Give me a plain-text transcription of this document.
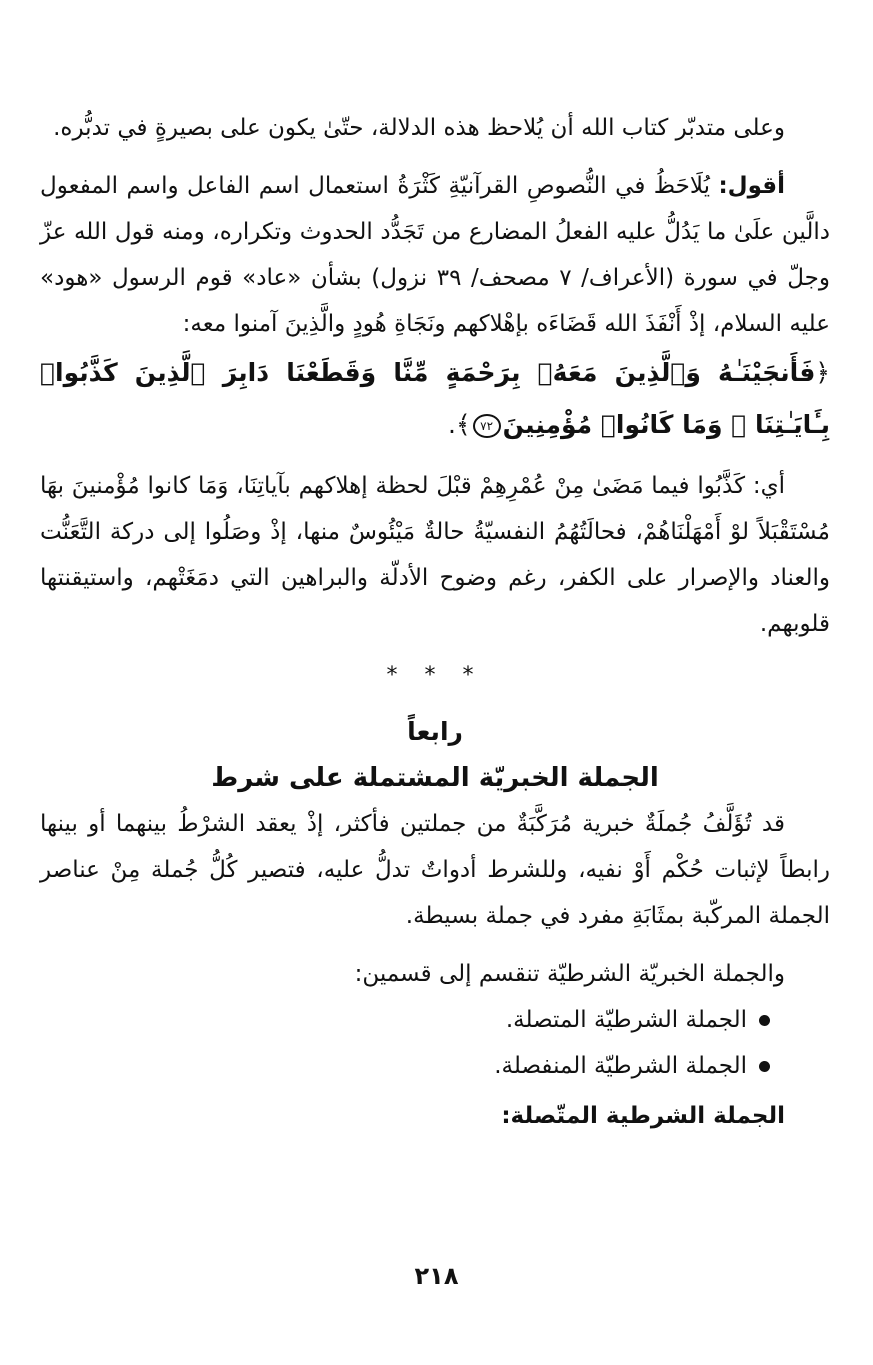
وعلى متدبّر كتاب الله أن يُلاحظ هذه الدلالة، حتّىٰ يكون على بصيرةٍ في تدبُّره.

أقول: يُلَاحَظُ في النُّصوصِ القرآنيّةِ كَثْرَةُ استعمال اسم الفاعل واسم المفعول دالَّين علَىٰ ما يَدُلُّ عليه الفعلُ المضارع من تَجَدُّد الحدوث وتكراره، ومنه قول الله عزّ وجلّ في سورة (الأعراف/ ٧ مصحف/ ٣٩ نزول) بشأن «عاد» قوم الرسول «هود» عليه السلام، إذْ أَنْفَذَ الله قَضَاءَه بإهْلاكهم ونَجَاةِ هُودٍ والَّذِينَ آمنوا معه:

﴿فَأَنجَيْنَـٰهُ وَٱلَّذِينَ مَعَهُۥ بِرَحْمَةٍ مِّنَّا وَقَطَعْنَا دَابِرَ ٱلَّذِينَ كَذَّبُوا۟ بِـَٔايَـٰتِنَا ۖ وَمَا كَانُوا۟ مُؤْمِنِينَ٧٢﴾.

أي: كَذَّبُوا فيما مَضَىٰ مِنْ عُمْرِهِمْ قبْلَ لحظة إهلاكهم بآياتِنَا، وَمَا كانوا مُؤْمنينَ بهَا مُسْتَقْبَلاً لوْ أَمْهَلْنَاهُمْ، فحالَتُهُمُ النفسيّةُ حالةٌ مَيْئُوسٌ منها، إذْ وصَلُوا إلى دركة التَّعَنُّت والعناد والإصرار على الكفر، رغم وضوح الأدلّة والبراهين التي دمَغَتْهم، واستيقنتها قلوبهم.

* * *

رابعاً

الجملة الخبريّة المشتملة على شرط

قد تُؤَلَّفُ جُملَةٌ خبرية مُرَكَّبَةٌ من جملتين فأكثر، إذْ يعقد الشرْطُ بينهما أو بينها رابطاً لإثبات حُكْم أَوْ نفيه، وللشرط أدواتٌ تدلُّ عليه، فتصير كُلُّ جُملة مِنْ عناصر الجملة المركّبة بمثَابَةِ مفرد في جملة بسيطة.

والجملة الخبريّة الشرطيّة تنقسم إلى قسمين:

الجملة الشرطيّة المتصلة.
الجملة الشرطيّة المنفصلة.

الجملة الشرطية المتّصلة:

٢١٨
